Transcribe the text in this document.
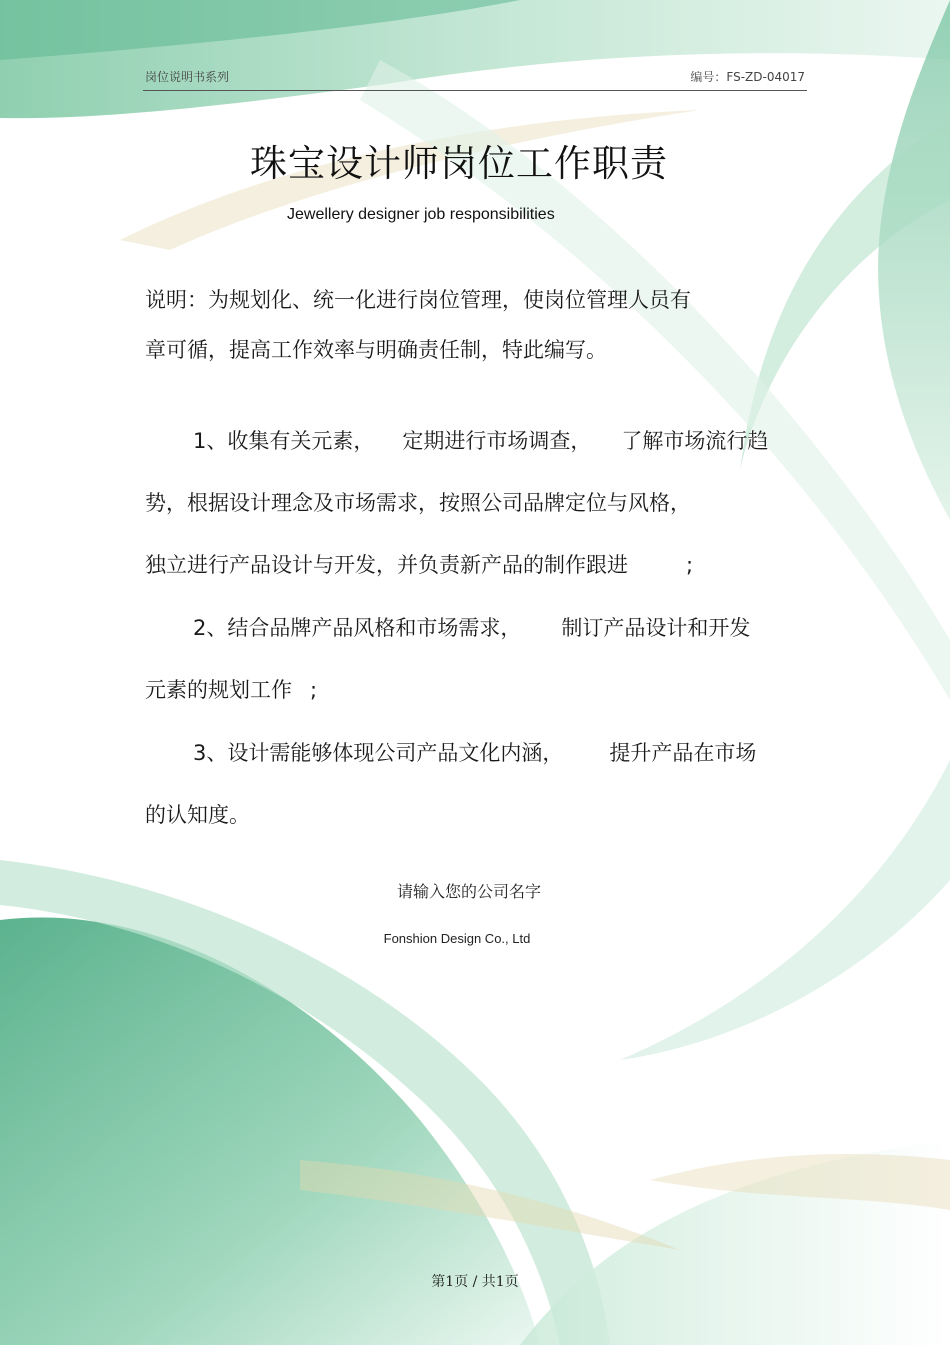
岗位说明书系列	编号：FS-ZD-04017
珠宝设计师岗位工作职责
Jewellery designer job responsibilities

说明：为规划化、统一化进行岗位管理，使岗位管理人员有

章可循，提高工作效率与明确责任制，特此编写。

1、收集有关元素， 定期进行市场调查， 了解市场流行趋

势，根据设计理念及市场需求，按照公司品牌定位与风格，

独立进行产品设计与开发，并负责新产品的制作跟进	;

2、结合品牌产品风格和市场需求， 制订产品设计和开发

元素的规划工作 ;

3、设计需能够体现公司产品文化内涵， 提升产品在市场

的认知度。

请输入您的公司名字
Fonshion Design Co., Ltd
第1页 / 共1页
